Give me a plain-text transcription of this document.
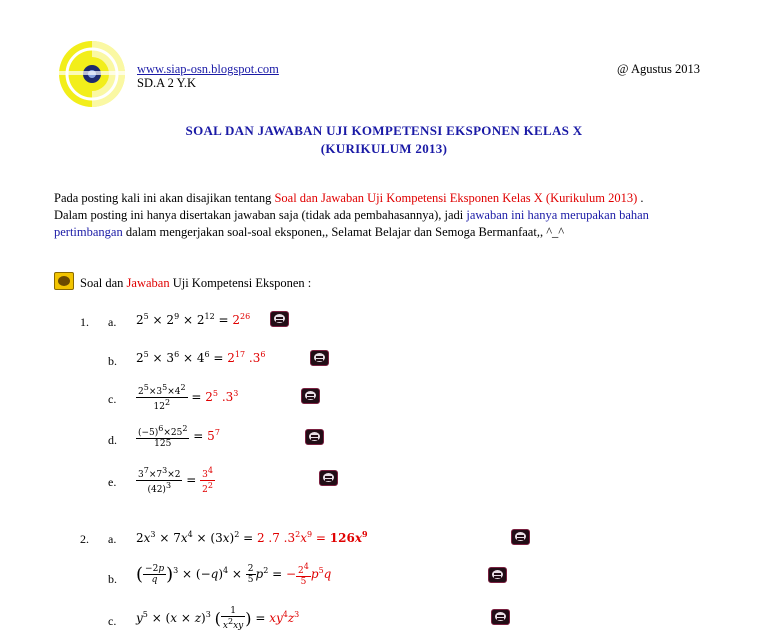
www.siap-osn.blogspot.com
SD.A 2 Y.K
@ Agustus 2013
SOAL DAN JAWABAN UJI KOMPETENSI EKSPONEN KELAS X
(KURIKULUM 2013)
Pada posting kali ini akan disajikan tentang Soal dan Jawaban Uji Kompetensi Eksponen Kelas X (Kurikulum 2013) .
Dalam posting ini hanya disertakan jawaban saja (tidak ada pembahasannya), jadi jawaban ini hanya merupakan bahan
pertimbangan dalam mengerjakan soal-soal eksponen,, Selamat Belajar dan Semoga Bermanfaat,, ^_^
Soal dan Jawaban Uji Kompetensi Eksponen :
1. a. $2^5 \times 2^9 \times 2^{12} = 2^{26}$

b. $2^5 \times 3^6 \times 4^6 = 2^{17}$ $.3^6$

c. $\frac{2^5\times 3^5\times 4^2}{12^2} = 2^5$ $.3^3$

d. $\frac{(-5)^6\times 25^2}{125} = 5^7$

e. $\frac{3^7\times 7^3\times 2}{(42)^3} = \frac{3^4}{2^2}$

2. a. $2x^3 \times 7x^4 \times (3x)^2 = 2$ .7 $.3^2x^9 = 126x^9$

b. ( $\frac{-2p}{q} )^3 \times (-q)^4 \times \frac{2}{5} p^2$ = − $\frac{2^4}{5} p^5q$

c. $y^5 \times (x \times z)^3$ ( $\frac{1}{x^2xy}$ ) = $xy^4z^3$
